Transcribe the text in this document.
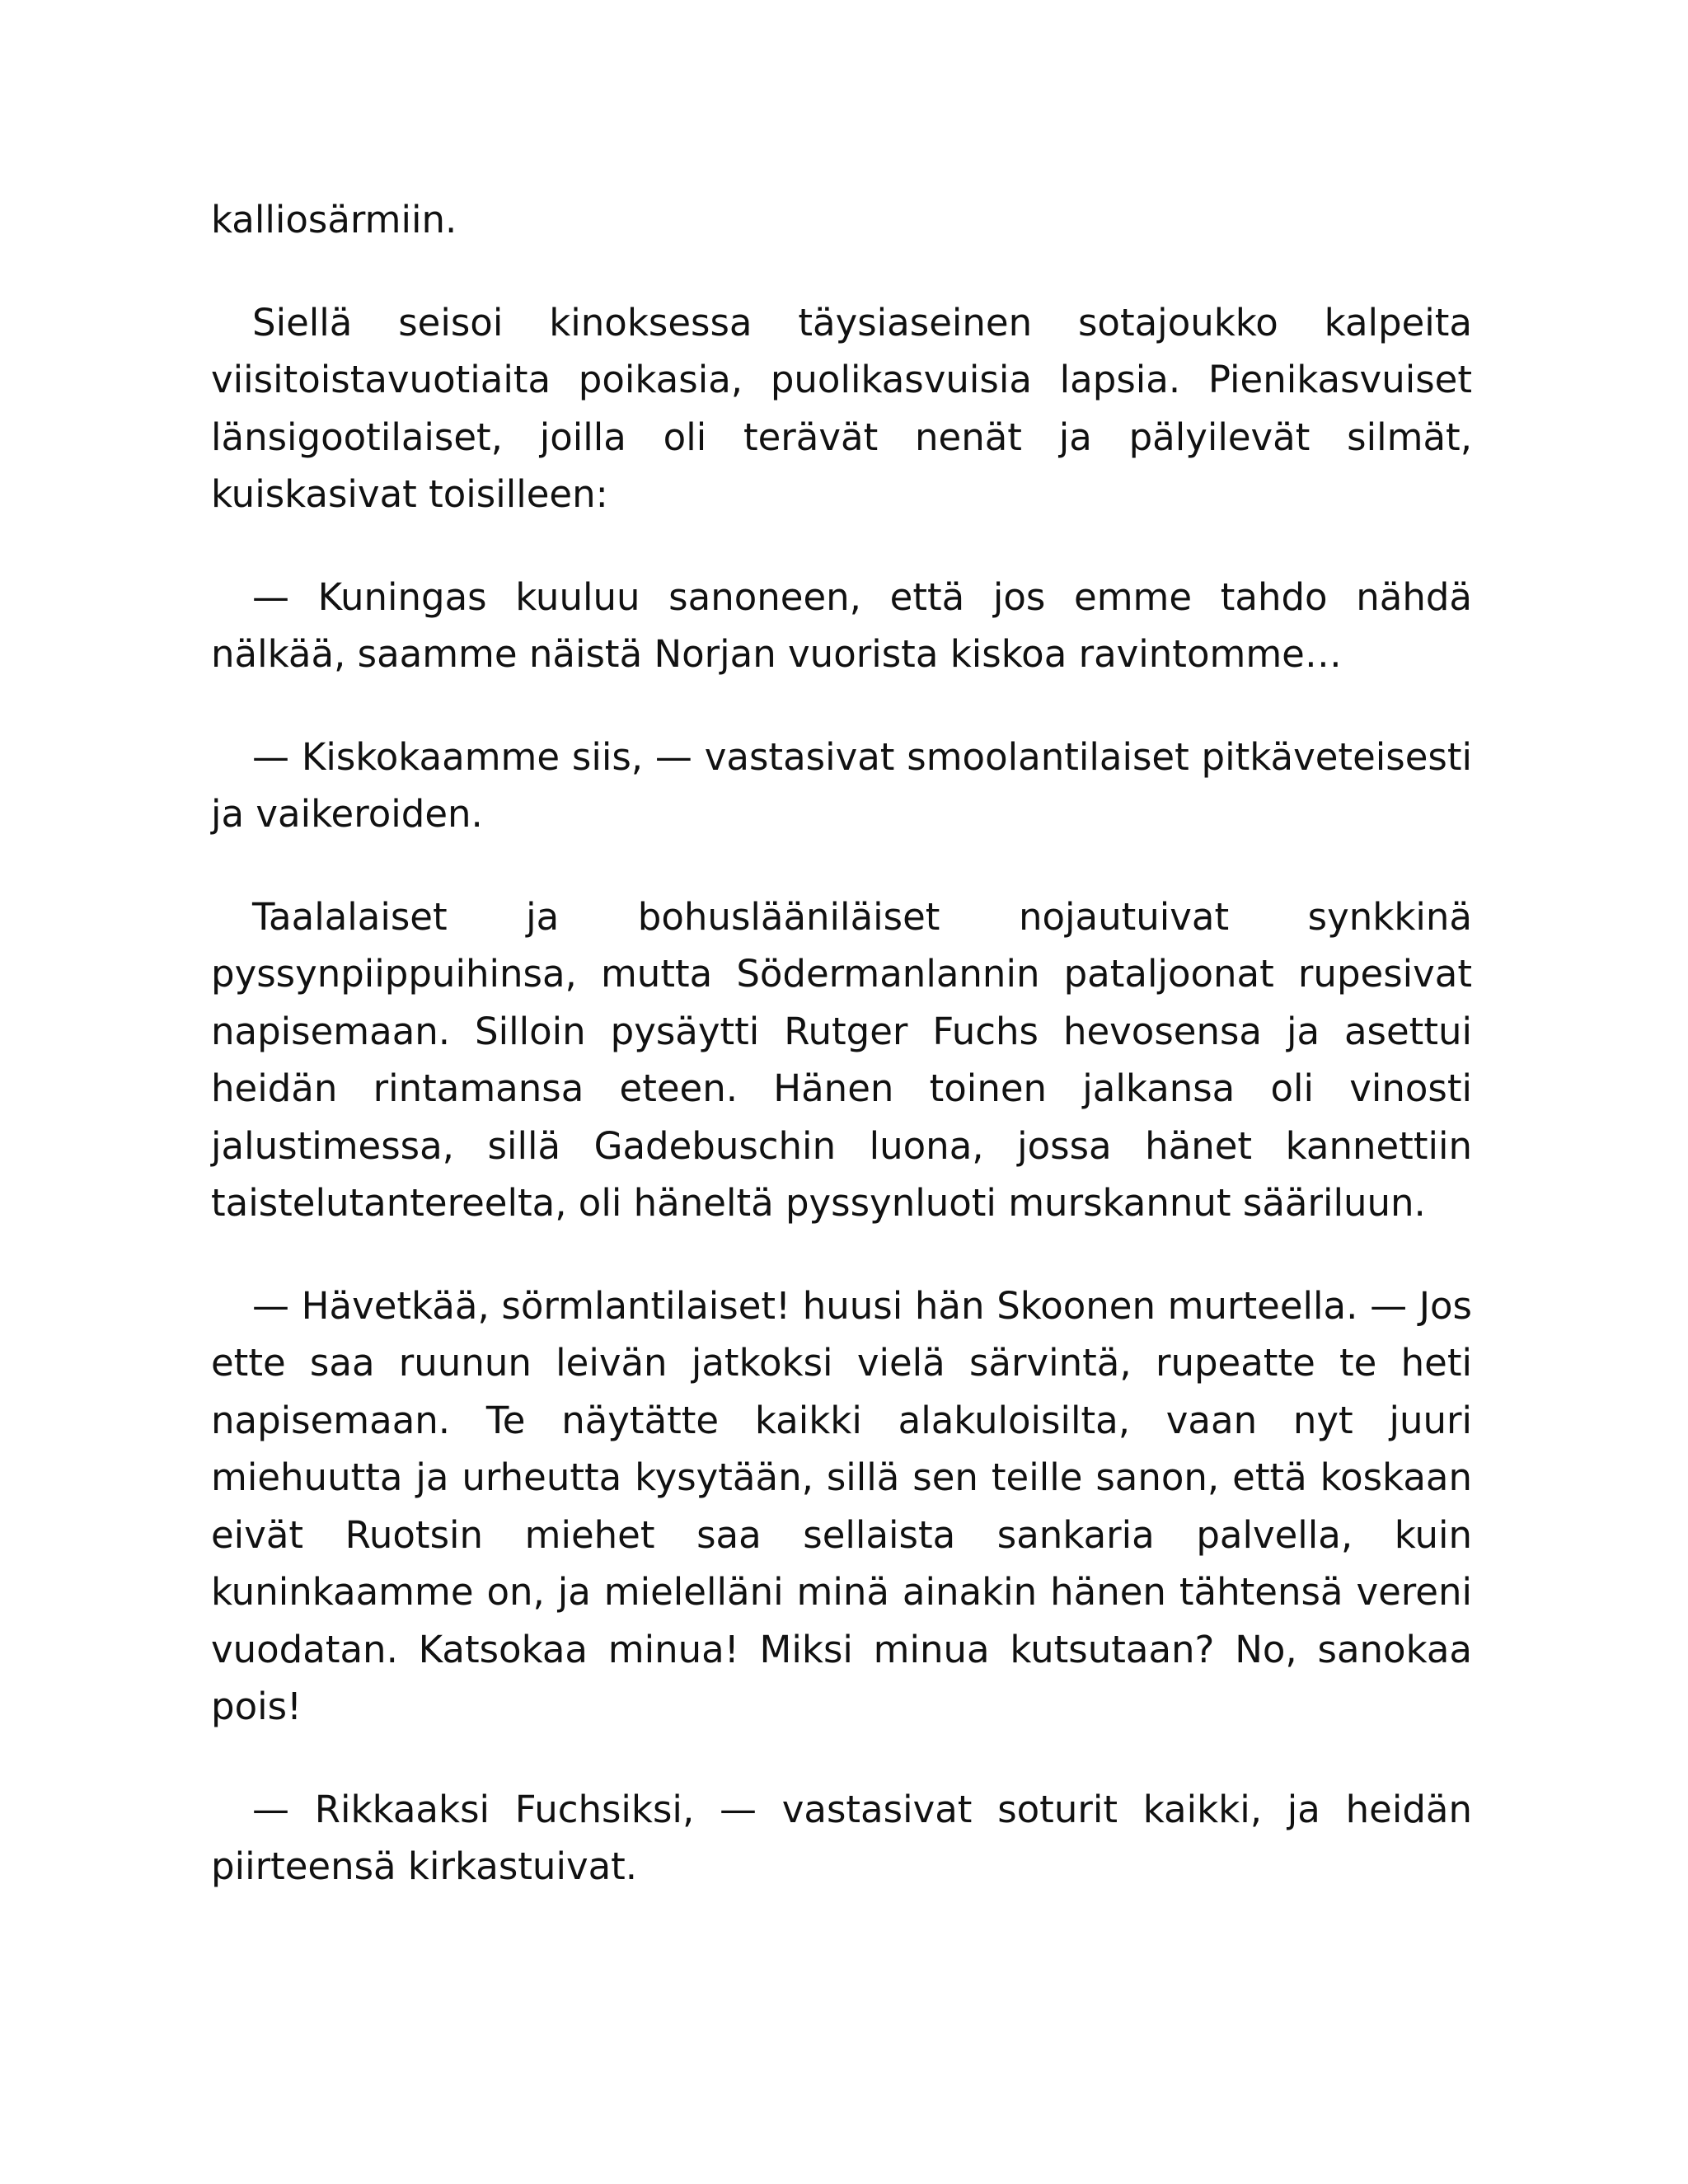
kalliosärmiin.

Siellä seisoi kinoksessa täysiaseinen sotajoukko kalpeita viisitoistavuotiaita poikasia, puolikasvuisia lapsia. Pienikasvuiset länsigootilaiset, joilla oli terävät nenät ja pälyilevät silmät, kuiskasivat toisilleen:

— Kuningas kuuluu sanoneen, että jos emme tahdo nähdä nälkää, saamme näistä Norjan vuorista kiskoa ravintomme…

— Kiskokaamme siis, — vastasivat smoolantilaiset pitkäveteisesti ja vaikeroiden.

Taalalaiset ja bohuslääniläiset nojautuivat synkkinä pyssynpiippuihinsa, mutta Södermanlannin pataljoonat rupesivat napisemaan. Silloin pysäytti Rutger Fuchs hevosensa ja asettui heidän rintamansa eteen. Hänen toinen jalkansa oli vinosti jalustimessa, sillä Gadebuschin luona, jossa hänet kannettiin taistelutantereelta, oli häneltä pyssynluoti murskannut sääriluun.

— Hävetkää, sörmlantilaiset! huusi hän Skoonen murteella. — Jos ette saa ruunun leivän jatkoksi vielä särvintä, rupeatte te heti napisemaan. Te näytätte kaikki alakuloisilta, vaan nyt juuri miehuutta ja urheutta kysytään, sillä sen teille sanon, että koskaan eivät Ruotsin miehet saa sellaista sankaria palvella, kuin kuninkaamme on, ja mielelläni minä ainakin hänen tähtensä vereni vuodatan. Katsokaa minua! Miksi minua kutsutaan? No, sanokaa pois!

— Rikkaaksi Fuchsiksi, — vastasivat soturit kaikki, ja heidän piirteensä kirkastuivat.
